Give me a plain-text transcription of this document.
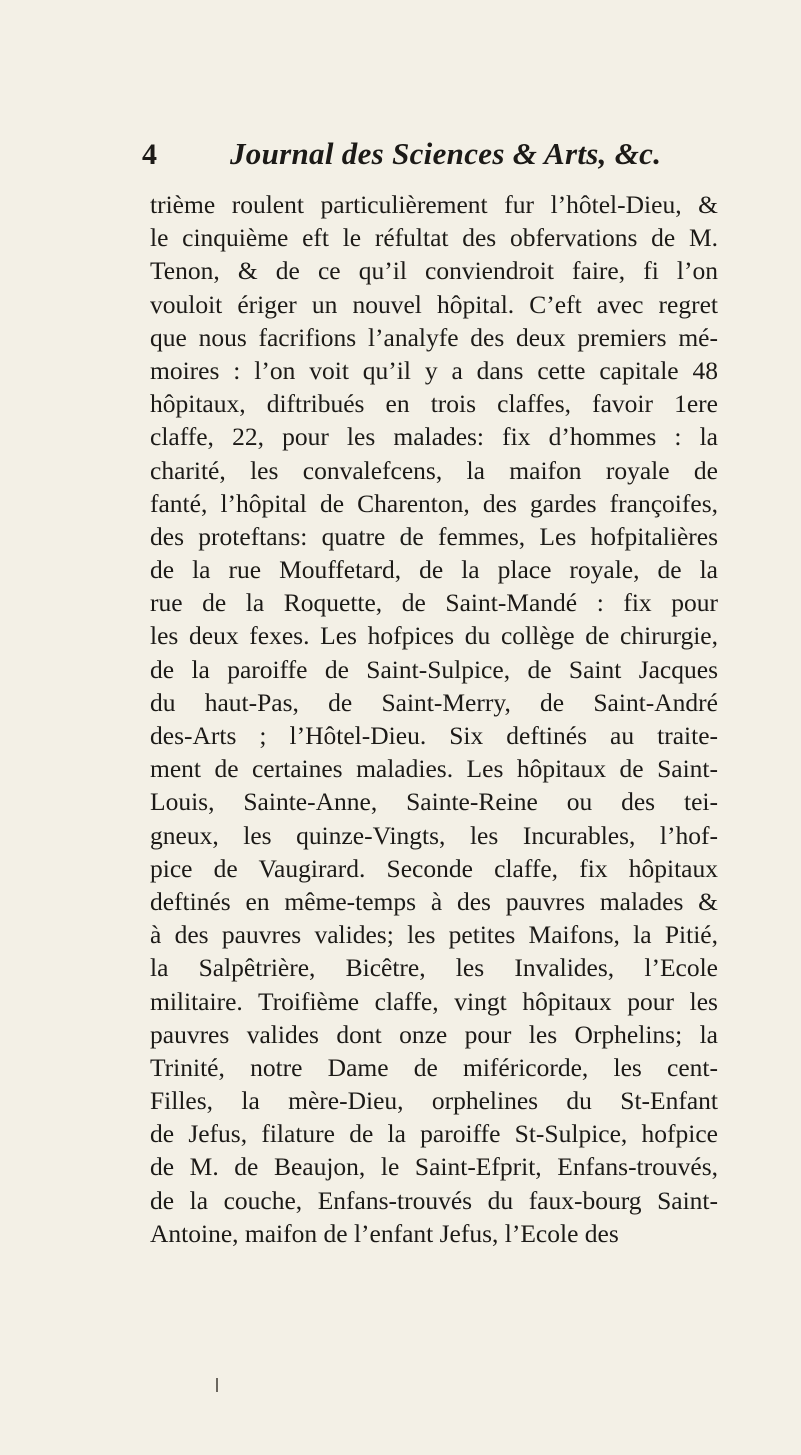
4 Journal des Sciences & Arts, &c.
trième roulent particulièrement fur l’hôtel-Dieu, &
le cinquième eft le réfultat des obfervations de M.
Tenon, & de ce qu’il conviendroit faire, fi l’on
vouloit ériger un nouvel hôpital. C’eft avec regret
que nous facrifions l’analyfe des deux premiers mé-
moires : l’on voit qu’il y a dans cette capitale 48
hôpitaux, diftribués en trois claffes, favoir 1ere
claffe, 22, pour les malades: fix d’hommes : la
charité, les convalefcens, la maifon royale de
fanté, l’hôpital de Charenton, des gardes françoifes,
des proteftans: quatre de femmes, Les hofpitalières
de la rue Mouffetard, de la place royale, de la
rue de la Roquette, de Saint-Mandé : fix pour
les deux fexes. Les hofpices du collège de chirurgie,
de la paroiffe de Saint-Sulpice, de Saint Jacques
du haut-Pas, de Saint-Merry, de Saint-André
des-Arts ; l’Hôtel-Dieu. Six deftinés au traite-
ment de certaines maladies. Les hôpitaux de Saint-
Louis, Sainte-Anne, Sainte-Reine ou des tei-
gneux, les quinze-Vingts, les Incurables, l’hof-
pice de Vaugirard. Seconde claffe, fix hôpitaux
deftinés en même-temps à des pauvres malades &
à des pauvres valides; les petites Maifons, la Pitié,
la Salpêtrière, Bicêtre, les Invalides, l’Ecole
militaire. Troifième claffe, vingt hôpitaux pour les
pauvres valides dont onze pour les Orphelins; la
Trinité, notre Dame de miféricorde, les cent-
Filles, la mère-Dieu, orphelines du St-Enfant
de Jefus, filature de la paroiffe St-Sulpice, hofpice
de M. de Beaujon, le Saint-Efprit, Enfans-trouvés,
de la couche, Enfans-trouvés du faux-bourg Saint-
Antoine, maifon de l’enfant Jefus, l’Ecole des
